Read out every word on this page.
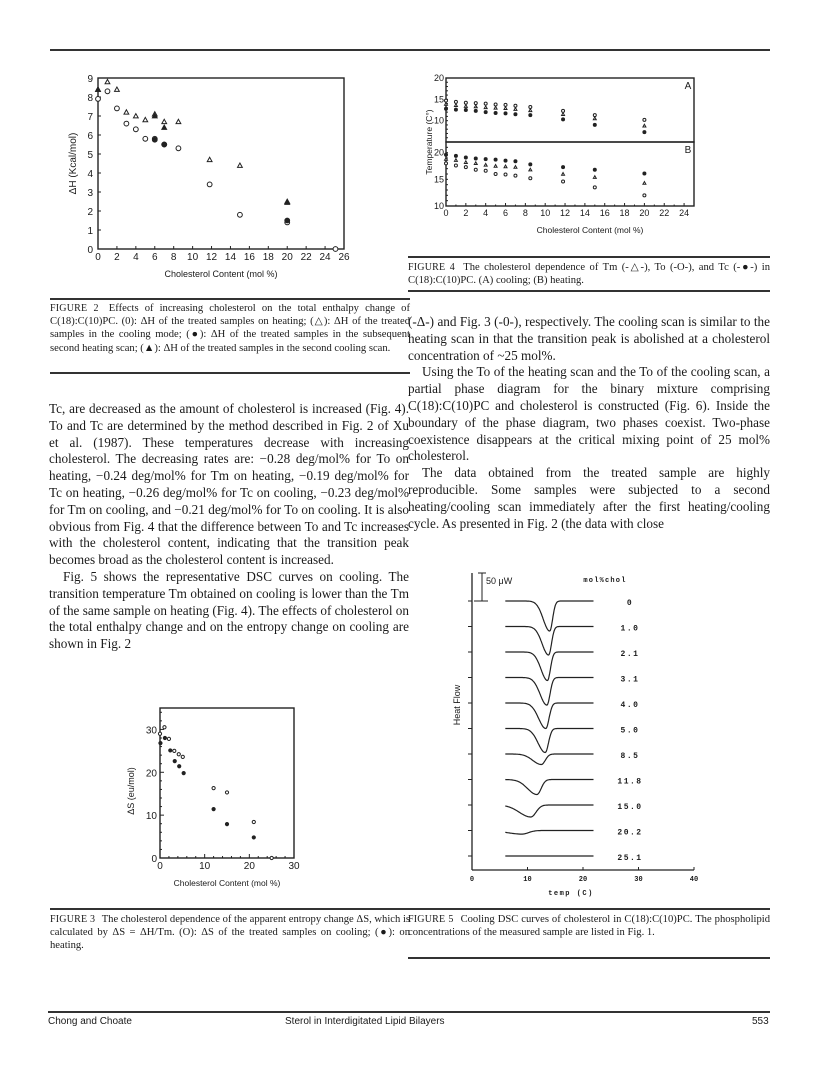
0 2 4 6 8 10 12 14 16 18 20 22 24 26
0
1
2
3
4
5
6
7
8
9
Cholesterol Content (mol %)
ΔH (Kcal/mol)
FIGURE 2 Effects of increasing cholesterol on the total enthalpy change of C(18):C(10)PC. (0): ΔH of the treated samples on heating; (△): ΔH of the treated samples in the cooling mode; (●): ΔH of the treated samples in the subsequent second heating scan; (▲): ΔH of the treated samples in the second cooling scan.
A
10
15
20
B
10
15
20
0 2 4 6 8 10 12 14 16 18 20 22 24
Cholesterol Content (mol %)
Temperature (C°)
FIGURE 4 The cholesterol dependence of Tm (-△-), To (-O-), and Tc (-●-) in C(18):C(10)PC. (A) cooling; (B) heating.

Tc, are decreased as the amount of cholesterol is increased (Fig. 4). To and Tc are determined by the method described in Fig. 2 of Xu et al. (1987). These temperatures decrease with increasing cholesterol. The decreasing rates are: −0.28 deg/mol% for To on heating, −0.24 deg/mol% for Tm on heating, −0.19 deg/mol% for Tc on heating, −0.26 deg/mol% for Tc on cooling, −0.23 deg/mol% for Tm on cooling, and −0.21 deg/mol% for To on cooling. It is also obvious from Fig. 4 that the difference between To and Tc increases with the cholesterol content, indicating that the transition peak becomes broad as the cholesterol content is increased.

Fig. 5 shows the representative DSC curves on cooling. The transition temperature Tm obtained on cooling is lower than the Tm of the same sample on heating (Fig. 4). The effects of cholesterol on the total enthalpy change and on the entropy change on cooling are shown in Fig. 2

(-Δ-) and Fig. 3 (-0-), respectively. The cooling scan is similar to the heating scan in that the transition peak is abolished at a cholesterol concentration of ~25 mol%.

Using the To of the heating scan and the To of the cooling scan, a partial phase diagram for the binary mixture comprising C(18):C(10)PC and cholesterol is constructed (Fig. 6). Inside the boundary of the phase diagram, two phases coexist. Two-phase coexistence disappears at the critical mixing point of 25 mol% cholesterol.

The data obtained from the treated sample are highly reproducible. Some samples were subjected to a second heating/cooling scan immediately after the first heating/cooling cycle. As presented in Fig. 2 (the data with close

0	10	20	30
0
10
20
30
Cholesterol Content (mol %)
ΔS (eu/mol)
FIGURE 3 The cholesterol dependence of the apparent entropy change ΔS, which is calculated by ΔS = ΔH/Tm. (O): ΔS of the treated samples on cooling; (●): on heating.
50 μW	mol%chol
0	10	20	30	40
temp (C)
Heat Flow
0
1.0
2.1
3.1
4.0
5.0
8.5
11.8
15.0
20.2
25.1
FIGURE 5 Cooling DSC curves of cholesterol in C(18):C(10)PC. The phospholipid concentrations of the measured sample are listed in Fig. 1.
Chong and Choate	Sterol in Interdigitated Lipid Bilayers	553
